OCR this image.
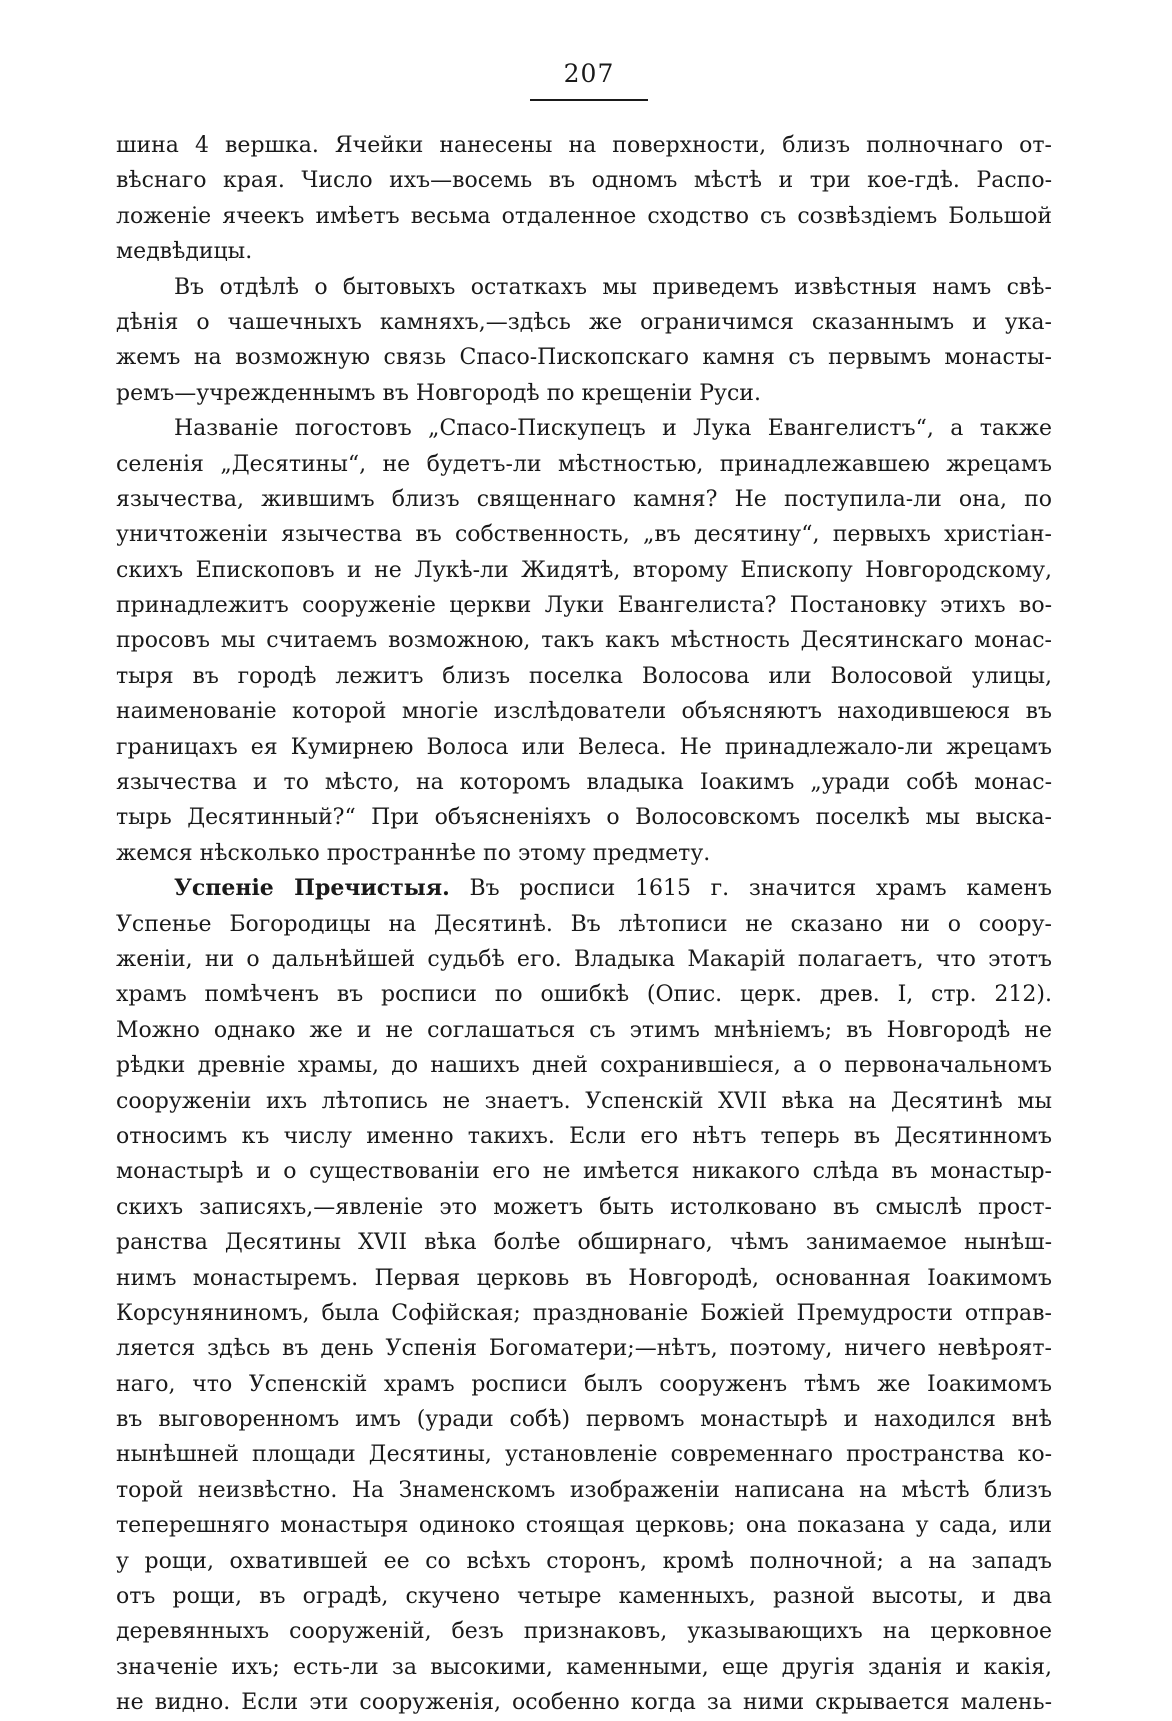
207

шина 4 вершка. Ячейки нанесены на поверхности, близъ полночнаго от-
вѣснаго края. Число ихъ—восемь въ одномъ мѣстѣ и три кое-гдѣ. Распо-
ложеніе ячеекъ имѣетъ весьма отдаленное сходство съ созвѣздіемъ Большой
медвѣдицы.

Въ отдѣлѣ о бытовыхъ остаткахъ мы приведемъ извѣстныя намъ свѣ-
дѣнія о чашечныхъ камняхъ,—здѣсь же ограничимся сказаннымъ и ука-
жемъ на возможную связь Спасо-Пископскаго камня съ первымъ монасты-
ремъ—учрежденнымъ въ Новгородѣ по крещеніи Руси.

Названіе погостовъ „Спасо-Пискупецъ и Лука Евангелистъ“, а также
селенія „Десятины“, не будетъ-ли мѣстностью, принадлежавшею жрецамъ
язычества, жившимъ близъ священнаго камня? Не поступила-ли она, по
уничтоженіи язычества въ собственность, „въ десятину“, первыхъ христіан-
скихъ Епископовъ и не Лукѣ-ли Жидятѣ, второму Епископу Новгородскому,
принадлежитъ сооруженіе церкви Луки Евангелиста? Постановку этихъ во-
просовъ мы считаемъ возможною, такъ какъ мѣстность Десятинскаго монас-
тыря въ городѣ лежитъ близъ поселка Волосова или Волосовой улицы,
наименованіе которой многіе изслѣдователи объясняютъ находившеюся въ
границахъ ея Кумирнею Волоса или Велеса. Не принадлежало-ли жрецамъ
язычества и то мѣсто, на которомъ владыка Іоакимъ „уради собѣ монас-
тырь Десятинный?“ При объясненіяхъ о Волосовскомъ поселкѣ мы выска-
жемся нѣсколько пространнѣе по этому предмету.

Успеніе Пречистыя. Въ росписи 1615 г. значится храмъ каменъ
Успенье Богородицы на Десятинѣ. Въ лѣтописи не сказано ни о соору-
женіи, ни о дальнѣйшей судьбѣ его. Владыка Макарій полагаетъ, что этотъ
храмъ помѣченъ въ росписи по ошибкѣ (Опис. церк. древ. I, стр. 212).
Можно однако же и не соглашаться съ этимъ мнѣніемъ; въ Новгородѣ не
рѣдки древніе храмы, до нашихъ дней сохранившіеся, а о первоначальномъ
сооруженіи ихъ лѣтопись не знаетъ. Успенскій XVII вѣка на Десятинѣ мы
относимъ къ числу именно такихъ. Если его нѣтъ теперь въ Десятинномъ
монастырѣ и о существованіи его не имѣется никакого слѣда въ монастыр-
скихъ записяхъ,—явленіе это можетъ быть истолковано въ смыслѣ прост-
ранства Десятины XVII вѣка болѣе обширнаго, чѣмъ занимаемое нынѣш-
нимъ монастыремъ. Первая церковь въ Новгородѣ, основанная Іоакимомъ
Корсуняниномъ, была Софійская; празднованіе Божіей Премудрости отправ-
ляется здѣсь въ день Успенія Богоматери;—нѣтъ, поэтому, ничего невѣроят-
наго, что Успенскій храмъ росписи былъ сооруженъ тѣмъ же Іоакимомъ
въ выговоренномъ имъ (уради собѣ) первомъ монастырѣ и находился внѣ
нынѣшней площади Десятины, установленіе современнаго пространства ко-
торой неизвѣстно. На Знаменскомъ изображеніи написана на мѣстѣ близъ
теперешняго монастыря одиноко стоящая церковь; она показана у сада, или
у рощи, охватившей ее со всѣхъ сторонъ, кромѣ полночной; а на западъ
отъ рощи, въ оградѣ, скучено четыре каменныхъ, разной высоты, и два
деревянныхъ сооруженій, безъ признаковъ, указывающихъ на церковное
значеніе ихъ; есть-ли за высокими, каменными, еще другія зданія и какія,
не видно. Если эти сооруженія, особенно когда за ними скрывается малень-
